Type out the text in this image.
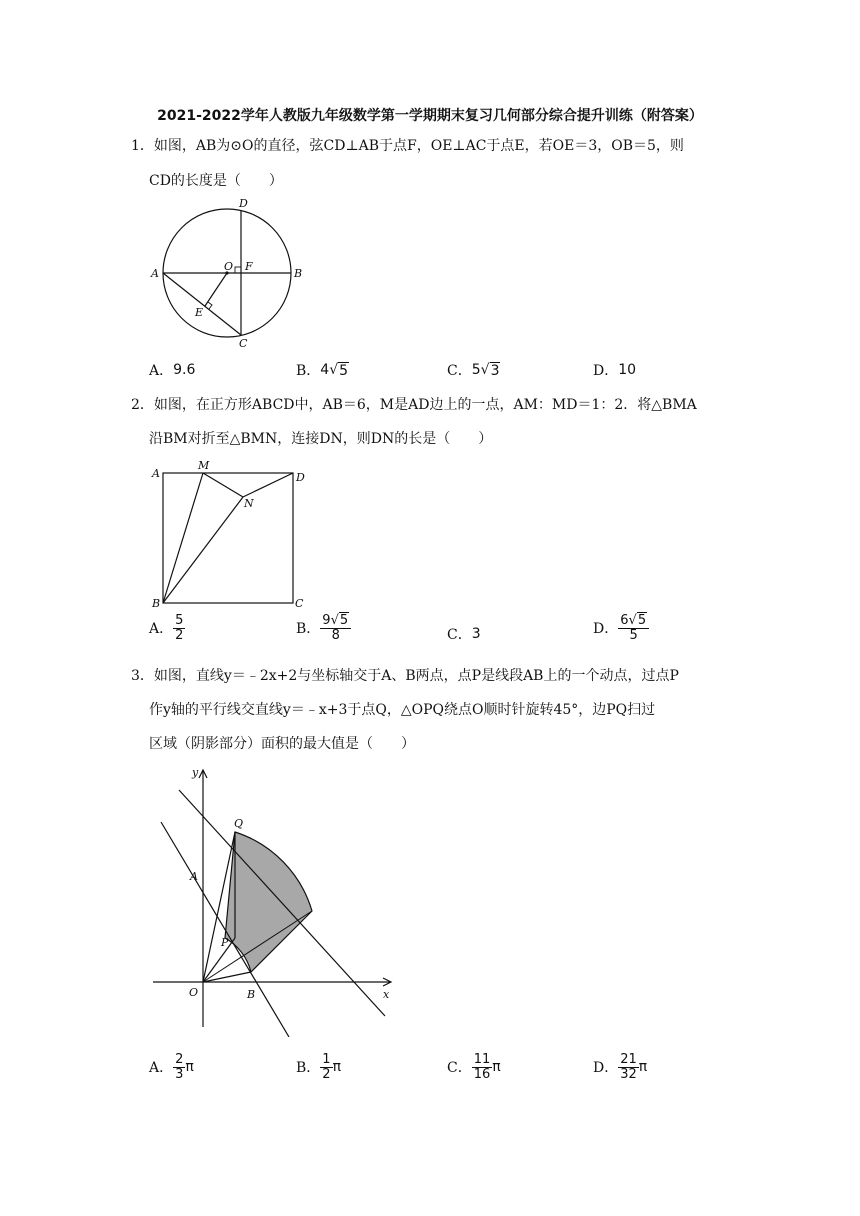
2021-2022学年人教版九年级数学第一学期期末复习几何部分综合提升训练（附答案）
1．如图，AB为⊙O的直径，弦CD⊥AB于点F，OE⊥AC于点E，若OE＝3，OB＝5，则
CD的长度是（　　）
D
A	B
O F
E
C
A． 9.6	B． 4 √ 5	C． 5 √ 3	D． 10
2．如图，在正方形ABCD中，AB＝6，M是AD边上的一点，AM：MD＝1：2．将△BMA
沿BM对折至△BMN，连接DN，则DN的长是（　　）
A
M
D
N
B	C
A． $\frac{5}{2}$	B． $\frac{9√5}{8}$	C． 3	D． $\frac{6√5}{5}$
3．如图，直线y＝﹣2x+2与坐标轴交于A、B两点，点P是线段AB上的一个动点，过点P
作y轴的平行线交直线y＝﹣x+3于点Q，△OPQ绕点O顺时针旋转45°，边PQ扫过
区域（阴影部分）面积的最大值是（　　）
y
Q
A
P
O	B	x
A． $\frac{2}{3}$ π	B． $\frac{1}{2}$ π	C． $\frac{11}{16}$ π	D． $\frac{21}{32}$ π
